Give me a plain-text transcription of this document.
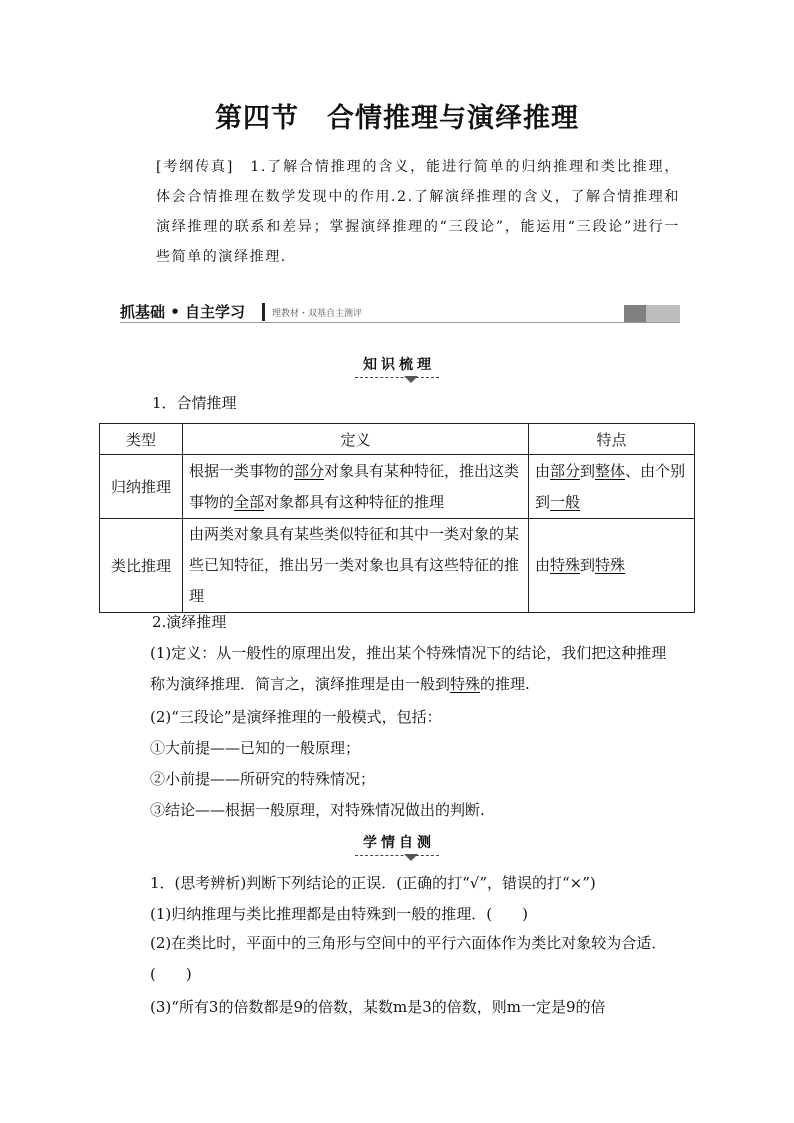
第四节　合情推理与演绎推理
[考纲传真] 1.了解合情推理的含义，能进行简单的归纳推理和类比推理，体会合情推理在数学发现中的作用.2.了解演绎推理的含义，了解合情推理和演绎推理的联系和差异；掌握演绎推理的“三段论”，能运用“三段论”进行一些简单的演绎推理.
抓基础 • 自主学习	理教材・双基自主测评
知识梳理
1．合情推理
类型	定义	特点
归纳推理	根据一类事物的部分对象具有某种特征，推出这类事物的全部对象都具有这种特征的推理	由部分到整体、由个别到一般
类比推理	由两类对象具有某些类似特征和其中一类对象的某些已知特征，推出另一类对象也具有这些特征的推理	由特殊到特殊
2.演绎推理
(1)定义：从一般性的原理出发，推出某个特殊情况下的结论，我们把这种推理称为演绎推理．简言之，演绎推理是由一般到特殊的推理.
(2)“三段论”是演绎推理的一般模式，包括：
①大前提——已知的一般原理；
②小前提——所研究的特殊情况；
③结论——根据一般原理，对特殊情况做出的判断.
学情自测
1．(思考辨析)判断下列结论的正误．(正确的打“√”，错误的打“×”)
(1)归纳推理与类比推理都是由特殊到一般的推理．(　　)
(2)在类比时，平面中的三角形与空间中的平行六面体作为类比对象较为合适．(　　)
(3)“所有3的倍数都是9的倍数，某数m是3的倍数，则m一定是9的倍
